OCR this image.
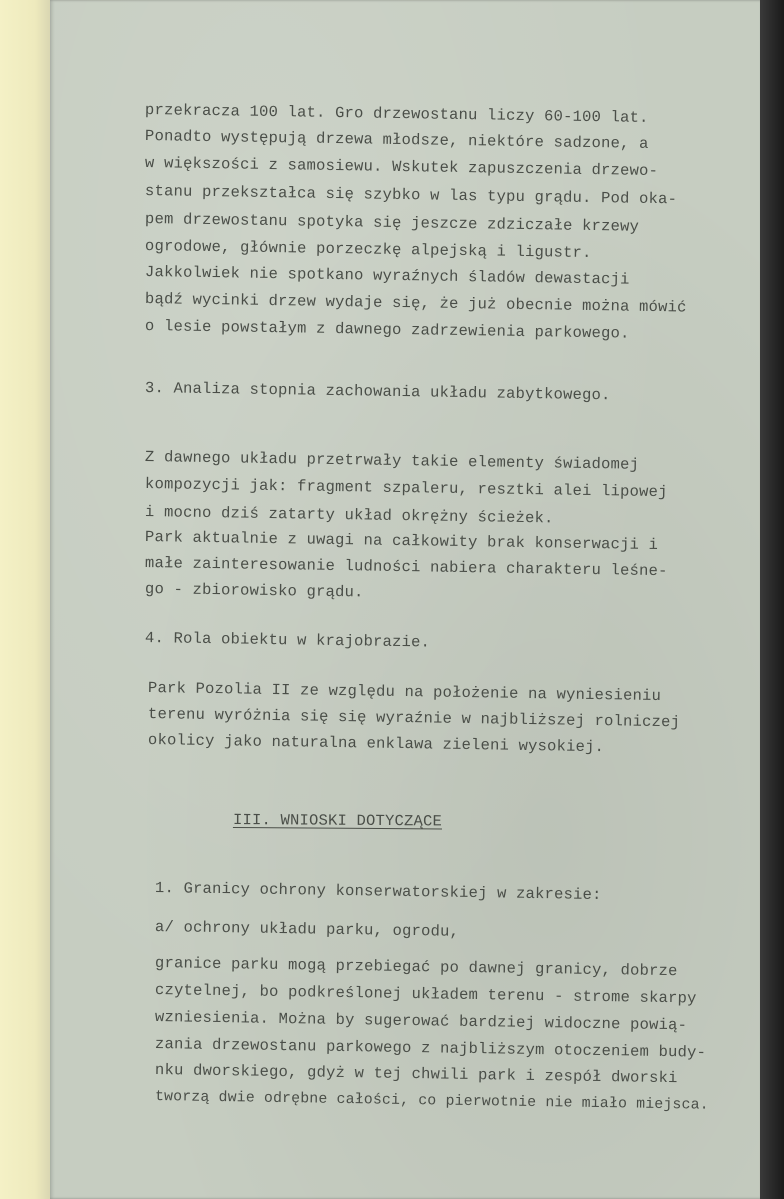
przekracza 100 lat. Gro drzewostanu liczy 60-100 lat.
Ponadto występują drzewa młodsze, niektóre sadzone, a
w większości z samosiewu. Wskutek zapuszczenia drzewo-
stanu przekształca się szybko w las typu grądu. Pod oka-
pem drzewostanu spotyka się jeszcze zdziczałe krzewy
ogrodowe, głównie porzeczkę alpejską i ligustr.
Jakkolwiek nie spotkano wyraźnych śladów dewastacji
bądź wycinki drzew wydaje się, że już obecnie można mówić
o lesie powstałym z dawnego zadrzewienia parkowego.
3. Analiza stopnia zachowania układu zabytkowego.
Z dawnego układu przetrwały takie elementy świadomej
kompozycji jak: fragment szpaleru, resztki alei lipowej
i mocno dziś zatarty układ okrężny ścieżek.
Park aktualnie z uwagi na całkowity brak konserwacji i
małe zainteresowanie ludności nabiera charakteru leśne-
go - zbiorowisko grądu.
4. Rola obiektu w krajobrazie.
Park Pozolia II ze względu na położenie na wyniesieniu
terenu wyróżnia się się wyraźnie w najbliższej rolniczej
okolicy jako naturalna enklawa zieleni wysokiej.
III. WNIOSKI DOTYCZĄCE
1. Granicy ochrony konserwatorskiej w zakresie:
a/ ochrony układu parku, ogrodu,
granice parku mogą przebiegać po dawnej granicy, dobrze
czytelnej, bo podkreślonej układem terenu - strome skarpy
wzniesienia. Można by sugerować bardziej widoczne powią-
zania drzewostanu parkowego z najbliższym otoczeniem budy-
nku dworskiego, gdyż w tej chwili park i zespół dworski
tworzą dwie odrębne całości, co pierwotnie nie miało miejsca.
